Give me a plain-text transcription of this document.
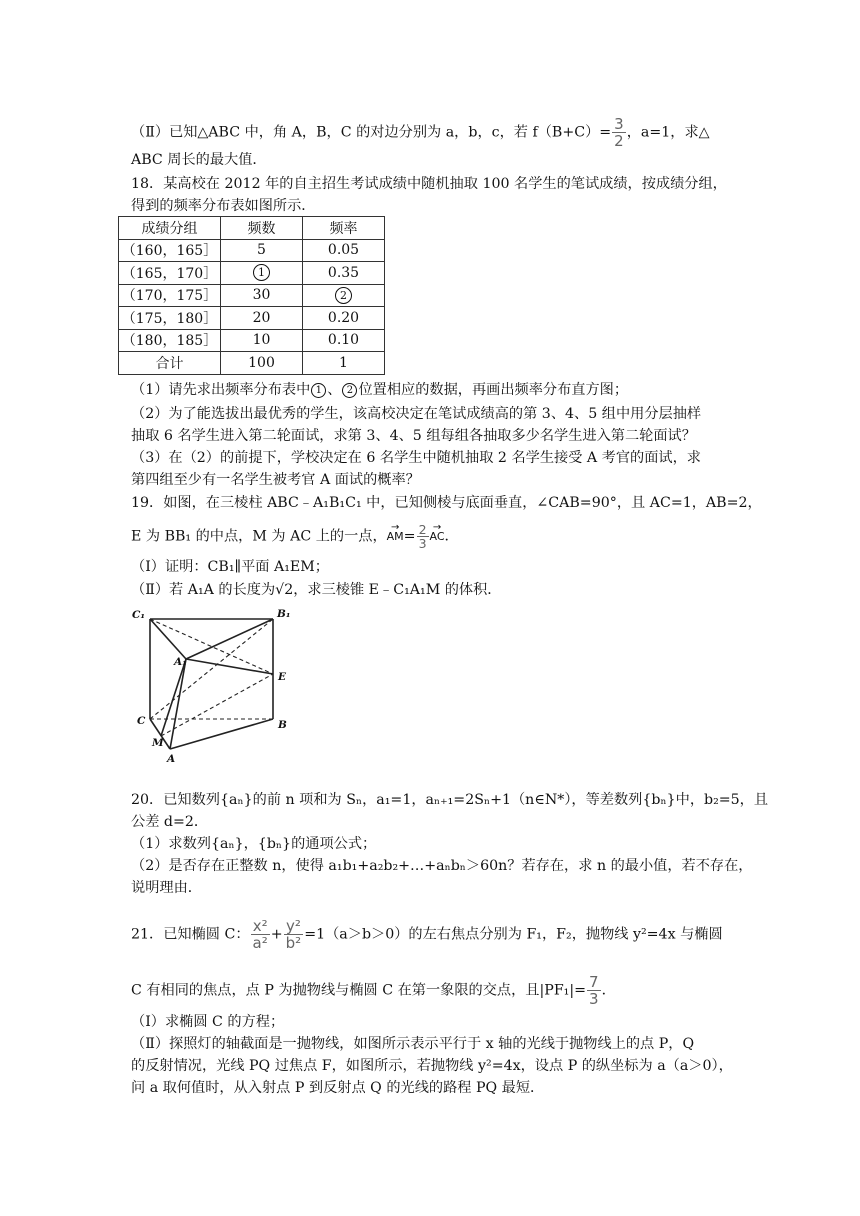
（Ⅱ）已知△ABC 中，角 A，B，C 的对边分别为 a，b，c，若 $f(B+C)= \frac{3}{2}$ ，a=1，求△
ABC 周长的最大值．
18．某高校在 2012 年的自主招生考试成绩中随机抽取 100 名学生的笔试成绩，按成绩分组，
得到的频率分布表如图所示．
成绩分组	频数	频率
（160，165］	5	0.05
（165，170］	1	0.35
（170，175］	30	2
（175，180］	20	0.20
（180，185］	10	0.10
合计	100	1
（1）请先求出频率分布表中 1 、 2 位置相应的数据，再画出频率分布直方图；
（2）为了能选拔出最优秀的学生，该高校决定在笔试成绩高的第 3、4、5 组中用分层抽样
抽取 6 名学生进入第二轮面试，求第 3、4、5 组每组各抽取多少名学生进入第二轮面试？
（3）在（2）的前提下，学校决定在 6 名学生中随机抽取 2 名学生接受 A 考官的面试，求
第四组至少有一名学生被考官 A 面试的概率？
19．如图，在三棱柱 ABC﹣A₁B₁C₁ 中，已知侧棱与底面垂直，∠CAB=90°，且 AC=1，AB=2，
E 为 BB₁ 的中点，M 为 AC 上的一点，→ $AM= \frac{2}{3}$ → AC．
（Ⅰ）证明：CB₁∥平面 A₁EM；
（Ⅱ）若 A₁A 的长度为√2，求三棱锥 E﹣C₁A₁M 的体积．
C₁	B₁
A₁
E
C	B
M
A
20．已知数列{aₙ}的前 n 项和为 Sₙ，a₁=1，aₙ₊₁=2Sₙ+1（n∈N*），等差数列{bₙ}中，b₂=5，且
公差 d=2．
（1）求数列{aₙ}，{bₙ}的通项公式；
（2）是否存在正整数 n，使得 a₁b₁+a₂b₂+…+aₙbₙ＞60n？若存在，求 n 的最小值，若不存在，
说明理由．
21．已知椭圆 C： $\frac{\text{x²}}{\text{a²}} + \frac{\text{y²}}{\text{b²}} =1(a>b>0)$的左右焦点分别为 F₁，F₂，抛物线 y²=4x 与椭圆
C 有相同的焦点，点 P 为抛物线与椭圆 C 在第一象限的交点，且$|PF_1|= \frac{7}{3}$ ．
（Ⅰ）求椭圆 C 的方程；
（Ⅱ）探照灯的轴截面是一抛物线，如图所示表示平行于 x 轴的光线于抛物线上的点 P，Q
的反射情况，光线 PQ 过焦点 F，如图所示，若抛物线 y²=4x，设点 P 的纵坐标为 a（a＞0），
问 a 取何值时，从入射点 P 到反射点 Q 的光线的路程 PQ 最短．
